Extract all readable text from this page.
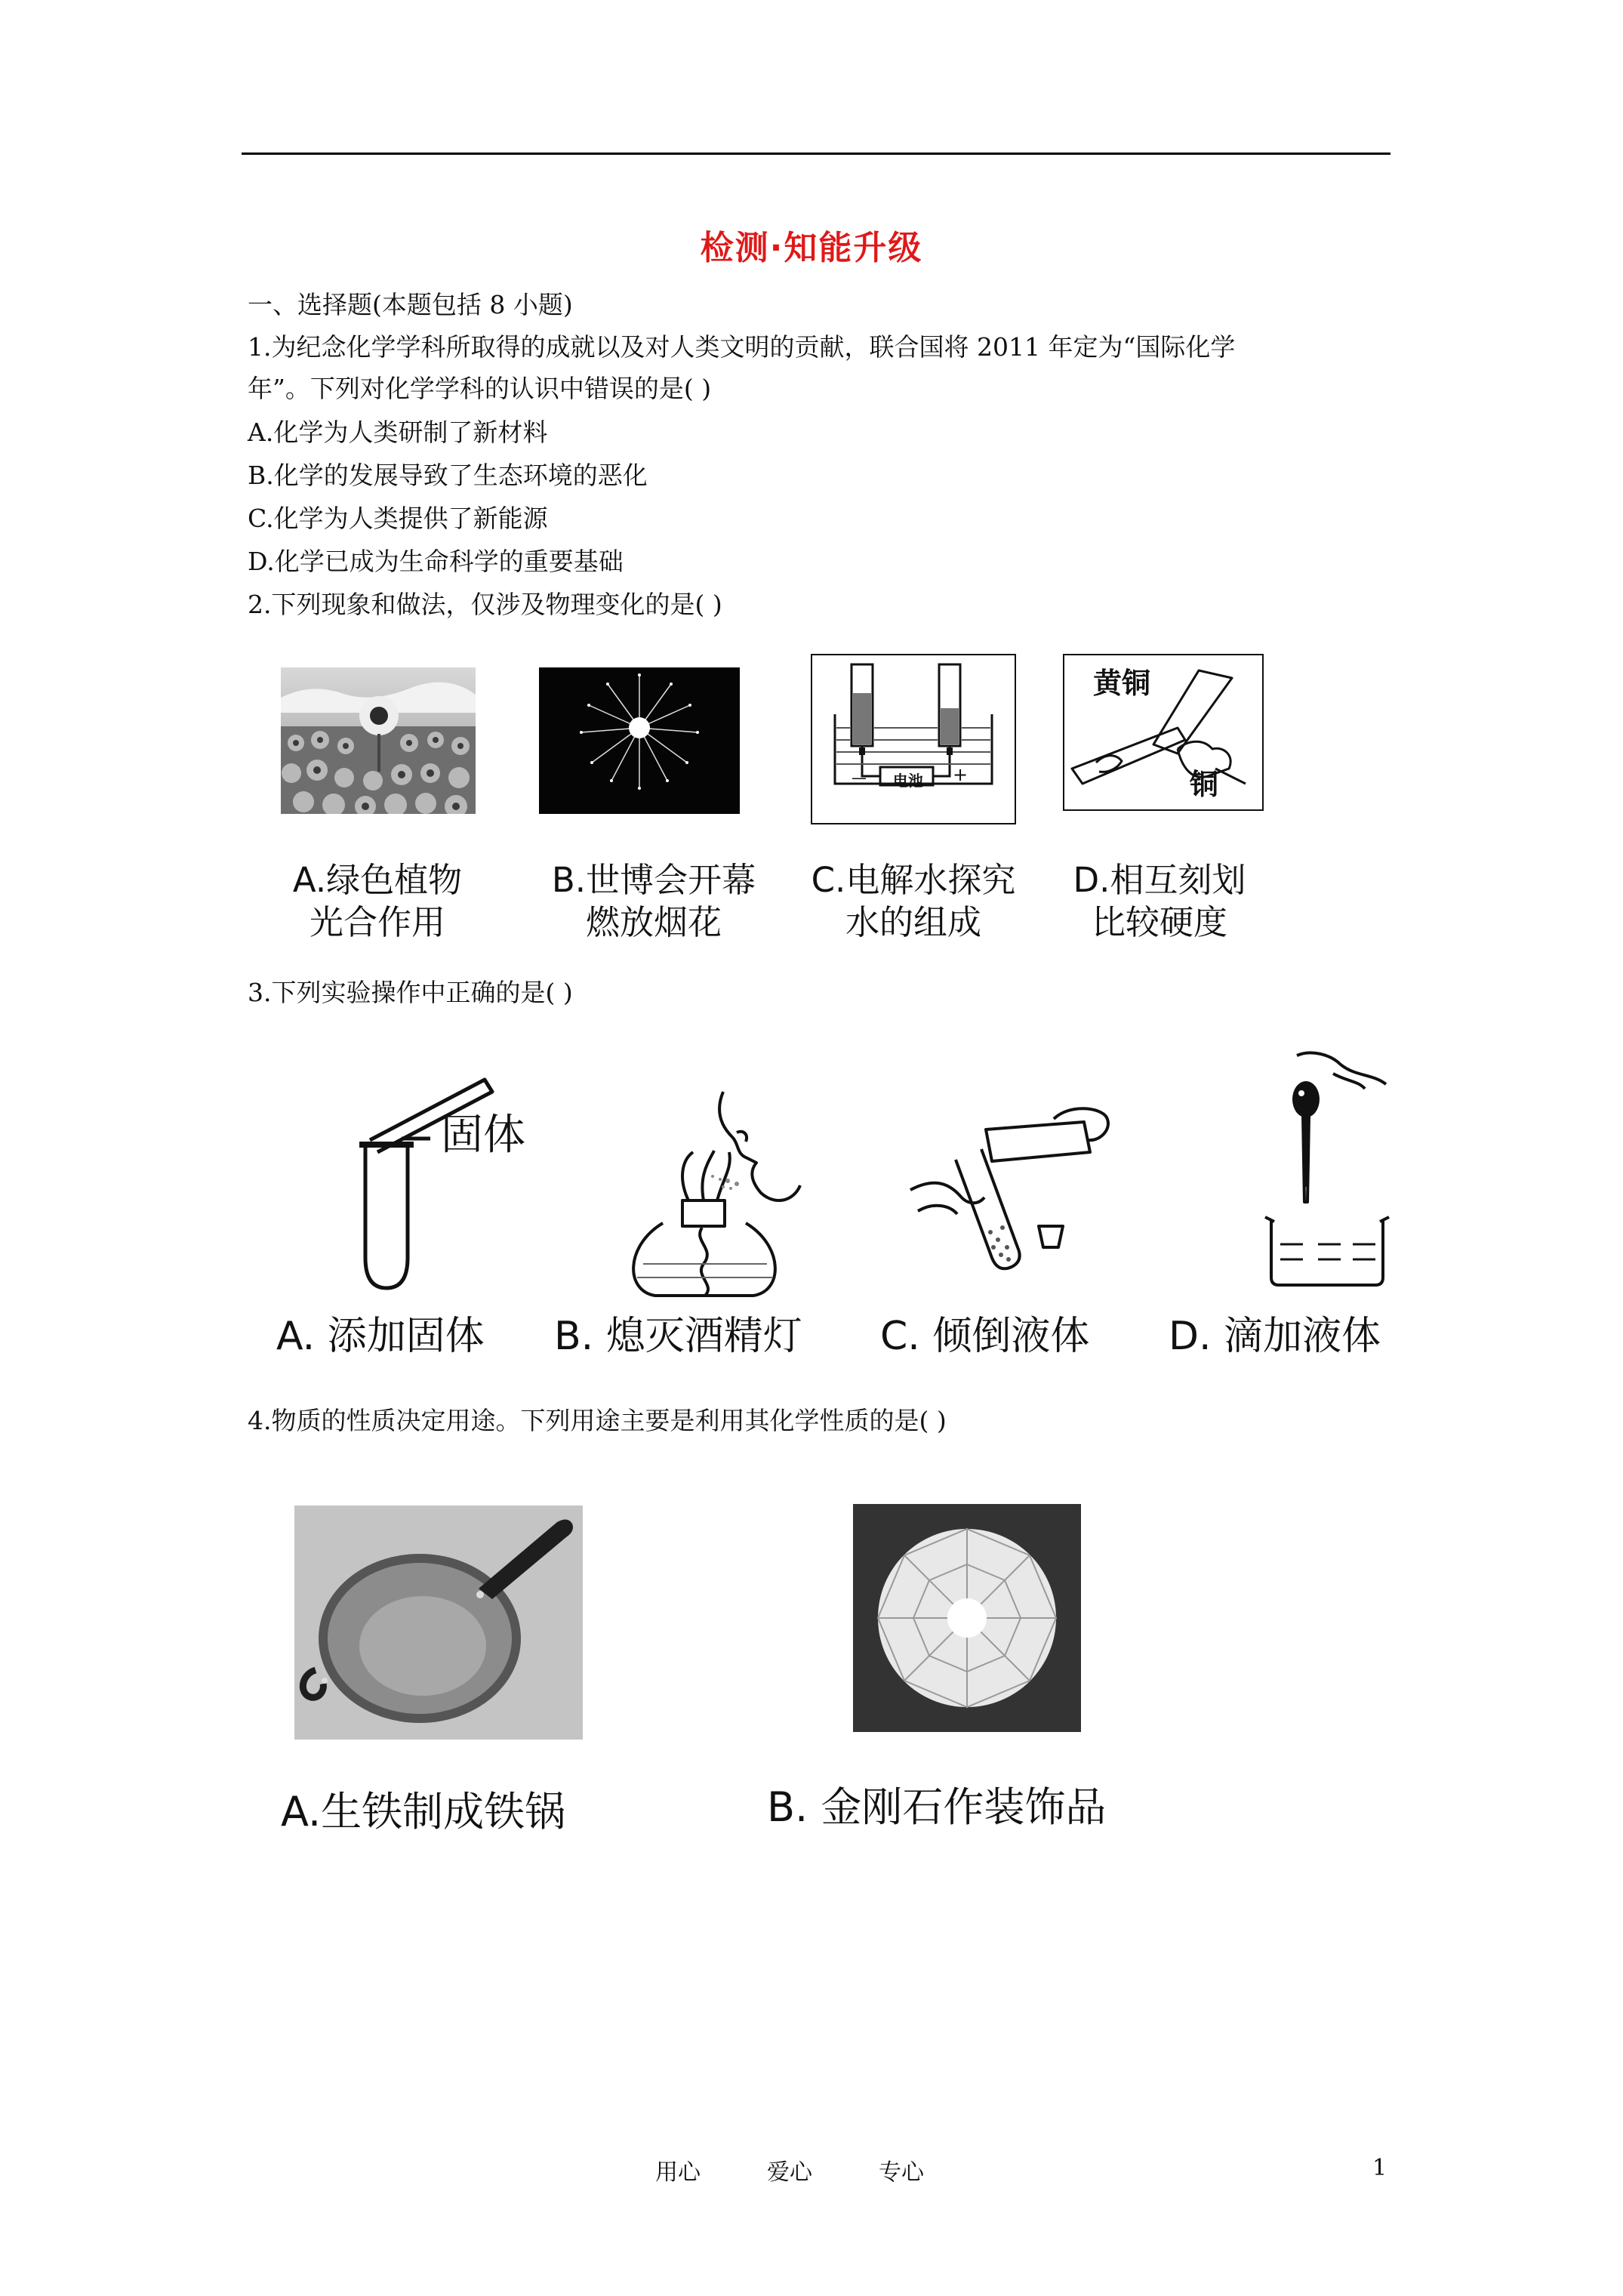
检测·知能升级
一、选择题(本题包括 8 小题)
1.为纪念化学学科所取得的成就以及对人类文明的贡献，联合国将 2011 年定为“国际化学
年”。下列对化学学科的认识中错误的是( )
A.化学为人类研制了新材料
B.化学的发展导致了生态环境的恶化
C.化学为人类提供了新能源
D.化学已成为生命科学的重要基础
2.下列现象和做法，仅涉及物理变化的是( )
电池
—	+
黄铜
铜
A.绿色植物
光合作用
B.世博会开幕
燃放烟花
C.电解水探究
水的组成
D.相互刻划
比较硬度
3.下列实验操作中正确的是( )
固体
A. 添加固体 B. 熄灭酒精灯 C. 倾倒液体 D. 滴加液体
4.物质的性质决定用途。下列用途主要是利用其化学性质的是( )
A.生铁制成铁锅	B. 金刚石作装饰品
用心	爱心	专心	1
